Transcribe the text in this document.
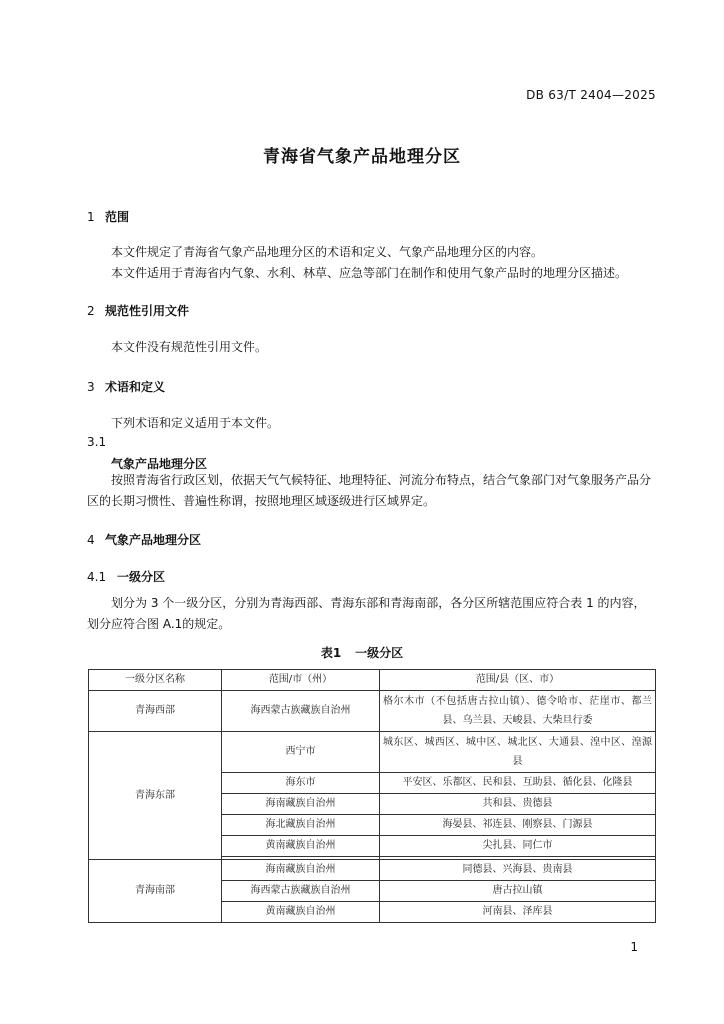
DB 63/T 2404—2025
青海省气象产品地理分区
1 范围

本文件规定了青海省气象产品地理分区的术语和定义、气象产品地理分区的内容。

本文件适用于青海省内气象、水利、林草、应急等部门在制作和使用气象产品时的地理分区描述。

2 规范性引用文件

本文件没有规范性引用文件。

3 术语和定义

下列术语和定义适用于本文件。

3.1
气象产品地理分区

按照青海省行政区划，依据天气气候特征、地理特征、河流分布特点，结合气象部门对气象服务产品分区的长期习惯性、普遍性称谓，按照地理区域逐级进行区域界定。

4 气象产品地理分区
4.1 一级分区

划分为 3 个一级分区，分别为青海西部、青海东部和青海南部，各分区所辖范围应符合表 1 的内容，划分应符合图 A.1的规定。

表1 一级分区
一级分区名称	范围/市（州）	范围/县（区、市）
青海西部	海西蒙古族藏族自治州	格尔木市（不包括唐古拉山镇）、德令哈市、茫崖市、都兰县、乌兰县、天峻县、大柴旦行委
青海东部	西宁市	城东区、城西区、城中区、城北区、大通县、湟中区、湟源县
	海东市	平安区、乐都区、民和县、互助县、循化县、化隆县
	海南藏族自治州	共和县、贵德县
	海北藏族自治州	海晏县、祁连县、刚察县、门源县
	黄南藏族自治州	尖扎县、同仁市

青海南部	海南藏族自治州	同德县、兴海县、贵南县
	海西蒙古族藏族自治州	唐古拉山镇
	黄南藏族自治州	河南县、泽库县
1
